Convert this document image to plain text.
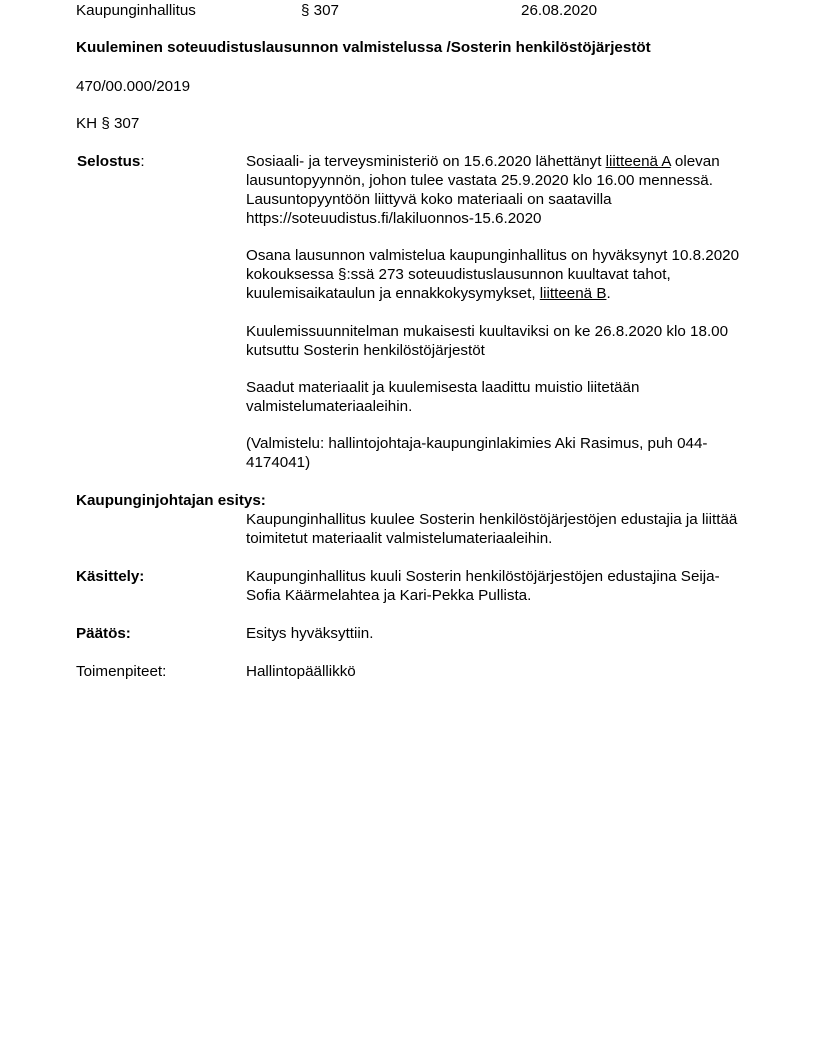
Kaupunginhallitus	§ 307	26.08.2020
Kuuleminen soteuudistuslausunnon valmistelussa /Sosterin henkilöstöjärjestöt
470/00.000/2019
KH § 307
Selostus:	Sosiaali- ja terveysministeriö on 15.6.2020 lähettänyt liitteenä A olevan lausuntopyynnön, johon tulee vastata 25.9.2020 klo 16.00 mennessä. Lausuntopyyntöön liittyvä koko materiaali on saatavilla https://soteuudistus.fi/lakiluonnos-15.6.2020
Osana lausunnon valmistelua kaupunginhallitus on hyväksynyt 10.8.2020 kokouksessa §:ssä 273 soteuudistuslausunnon kuultavat tahot, kuulemisaikataulun ja ennakkokysymykset, liitteenä B.
Kuulemissuunnitelman mukaisesti kuultaviksi on ke 26.8.2020 klo 18.00 kutsuttu Sosterin henkilöstöjärjestöt
Saadut materiaalit ja kuulemisesta laadittu muistio liitetään valmistelumateriaaleihin.
(Valmistelu: hallintojohtaja-kaupunginlakimies Aki Rasimus, puh 044-4174041)
Kaupunginjohtajan esitys:
Kaupunginhallitus kuulee Sosterin henkilöstöjärjestöjen edustajia ja liittää toimitetut materiaalit valmistelumateriaaleihin.
Käsittely:	Kaupunginhallitus kuuli Sosterin henkilöstöjärjestöjen edustajina Seija-Sofia Käärmelahtea ja Kari-Pekka Pullista.
Päätös:	Esitys hyväksyttiin.
Toimenpiteet:	Hallintopäällikkö
